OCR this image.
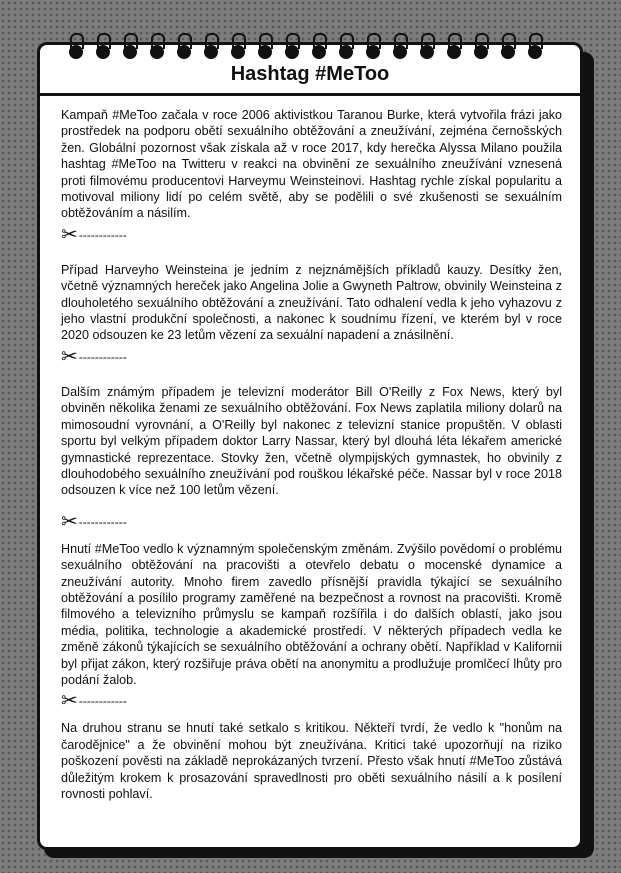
Hashtag #MeToo

Kampaň #MeToo začala v roce 2006 aktivistkou Taranou Burke, která vytvořila frázi jako prostředek na podporu obětí sexuálního obtěžování a zneužívání, zejména černošských žen. Globální pozornost však získala až v roce 2017, kdy herečka Alyssa Milano použila hashtag #MeToo na Twitteru v reakci na obvinění ze sexuálního zneužívání vznesená proti filmovému producentovi Harveymu Weinsteinovi. Hashtag rychle získal popularitu a motivoval miliony lidí po celém světě, aby se podělili o své zkušenosti se sexuálním obtěžováním a násilím.

✂ ------------

Případ Harveyho Weinsteina je jedním z nejznámějších příkladů kauzy. Desítky žen, včetně významných hereček jako Angelina Jolie a Gwyneth Paltrow, obvinily Weinsteina z dlouholetého sexuálního obtěžování a zneužívání. Tato odhalení vedla k jeho vyhazovu z jeho vlastní produkční společnosti, a nakonec k soudnímu řízení, ve kterém byl v roce 2020 odsouzen ke 23 letům vězení za sexuální napadení a znásilnění.

✂ ------------

Dalším známým případem je televizní moderátor Bill O'Reilly z Fox News, který byl obviněn několika ženami ze sexuálního obtěžování. Fox News zaplatila miliony dolarů na mimosoudní vyrovnání, a O'Reilly byl nakonec z televizní stanice propuštěn. V oblasti sportu byl velkým případem doktor Larry Nassar, který byl dlouhá léta lékařem americké gymnastické reprezentace. Stovky žen, včetně olympijských gymnastek, ho obvinily z dlouhodobého sexuálního zneužívání pod rouškou lékařské péče. Nassar byl v roce 2018 odsouzen k více než 100 letům vězení.

✂ ------------

Hnutí #MeToo vedlo k významným společenským změnám. Zvýšilo povědomí o problému sexuálního obtěžování na pracovišti a otevřelo debatu o mocenské dynamice a zneužívání autority. Mnoho firem zavedlo přísnější pravidla týkající se sexuálního obtěžování a posílilo programy zaměřené na bezpečnost a rovnost na pracovišti. Kromě filmového a televizního průmyslu se kampaň rozšířila i do dalších oblastí, jako jsou média, politika, technologie a akademické prostředí. V některých případech vedla ke změně zákonů týkajících se sexuálního obtěžování a ochrany obětí. Například v Kalifornii byl přijat zákon, který rozšiřuje práva obětí na anonymitu a prodlužuje promlčecí lhůty pro podání žalob.

✂ ------------

Na druhou stranu se hnutí také setkalo s kritikou. Někteří tvrdí, že vedlo k "honům na čarodějnice" a že obvinění mohou být zneužívána. Kritici také upozorňují na riziko poškození pověsti na základě neprokázaných tvrzení. Přesto však hnutí #MeToo zůstává důležitým krokem k prosazování spravedlnosti pro oběti sexuálního násilí a k posílení rovnosti pohlaví.
